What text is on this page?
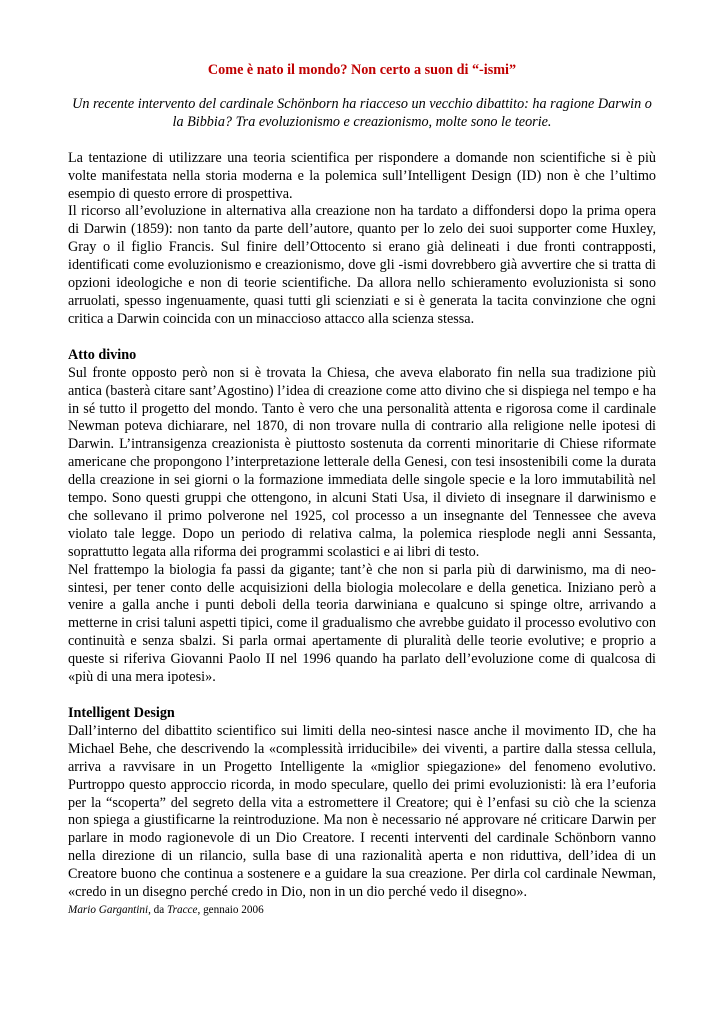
Come è nato il mondo? Non certo a suon di “-ismi”
Un recente intervento del cardinale Schönborn ha riacceso un vecchio dibattito: ha ragione Darwin o la Bibbia? Tra evoluzionismo e creazionismo, molte sono le teorie.

La tentazione di utilizzare una teoria scientifica per rispondere a domande non scientifiche si è più volte manifestata nella storia moderna e la polemica sull’Intelligent Design (ID) non è che l’ultimo esempio di questo errore di prospettiva.

Il ricorso all’evoluzione in alternativa alla creazione non ha tardato a diffondersi dopo la prima opera di Darwin (1859): non tanto da parte dell’autore, quanto per lo zelo dei suoi supporter come Huxley, Gray o il figlio Francis. Sul finire dell’Ottocento si erano già delineati i due fronti contrapposti, identificati come evoluzionismo e creazionismo, dove gli -ismi dovrebbero già avvertire che si tratta di opzioni ideologiche e non di teorie scientifiche. Da allora nello schieramento evoluzionista si sono arruolati, spesso ingenuamente, quasi tutti gli scienziati e si è generata la tacita convinzione che ogni critica a Darwin coincida con un minaccioso attacco alla scienza stessa.

Atto divino

Sul fronte opposto però non si è trovata la Chiesa, che aveva elaborato fin nella sua tradizione più antica (basterà citare sant’Agostino) l’idea di creazione come atto divino che si dispiega nel tempo e ha in sé tutto il progetto del mondo. Tanto è vero che una personalità attenta e rigorosa come il cardinale Newman poteva dichiarare, nel 1870, di non trovare nulla di contrario alla religione nelle ipotesi di Darwin. L’intransigenza creazionista è piuttosto sostenuta da correnti minoritarie di Chiese riformate americane che propongono l’interpretazione letterale della Genesi, con tesi insostenibili come la durata della creazione in sei giorni o la formazione immediata delle singole specie e la loro immutabilità nel tempo. Sono questi gruppi che ottengono, in alcuni Stati Usa, il divieto di insegnare il darwinismo e che sollevano il primo polverone nel 1925, col processo a un insegnante del Tennessee che aveva violato tale legge. Dopo un periodo di relativa calma, la polemica riesplode negli anni Sessanta, soprattutto legata alla riforma dei programmi scolastici e ai libri di testo.

Nel frattempo la biologia fa passi da gigante; tant’è che non si parla più di darwinismo, ma di neo-sintesi, per tener conto delle acquisizioni della biologia molecolare e della genetica. Iniziano però a venire a galla anche i punti deboli della teoria darwiniana e qualcuno si spinge oltre, arrivando a metterne in crisi taluni aspetti tipici, come il gradualismo che avrebbe guidato il processo evolutivo con continuità e senza sbalzi. Si parla ormai apertamente di pluralità delle teorie evolutive; e proprio a queste si riferiva Giovanni Paolo II nel 1996 quando ha parlato dell’evoluzione come di qualcosa di «più di una mera ipotesi».

Intelligent Design

Dall’interno del dibattito scientifico sui limiti della neo-sintesi nasce anche il movimento ID, che ha Michael Behe, che descrivendo la «complessità irriducibile» dei viventi, a partire dalla stessa cellula, arriva a ravvisare in un Progetto Intelligente la «miglior spiegazione» del fenomeno evolutivo. Purtroppo questo approccio ricorda, in modo speculare, quello dei primi evoluzionisti: là era l’euforia per la “scoperta” del segreto della vita a estromettere il Creatore; qui è l’enfasi su ciò che la scienza non spiega a giustificarne la reintroduzione. Ma non è necessario né approvare né criticare Darwin per parlare in modo ragionevole di un Dio Creatore. I recenti interventi del cardinale Schönborn vanno nella direzione di un rilancio, sulla base di una razionalità aperta e non riduttiva, dell’idea di un Creatore buono che continua a sostenere e a guidare la sua creazione. Per dirla col cardinale Newman, «credo in un disegno perché credo in Dio, non in un dio perché vedo il disegno».

Mario Gargantini, da Tracce, gennaio 2006
